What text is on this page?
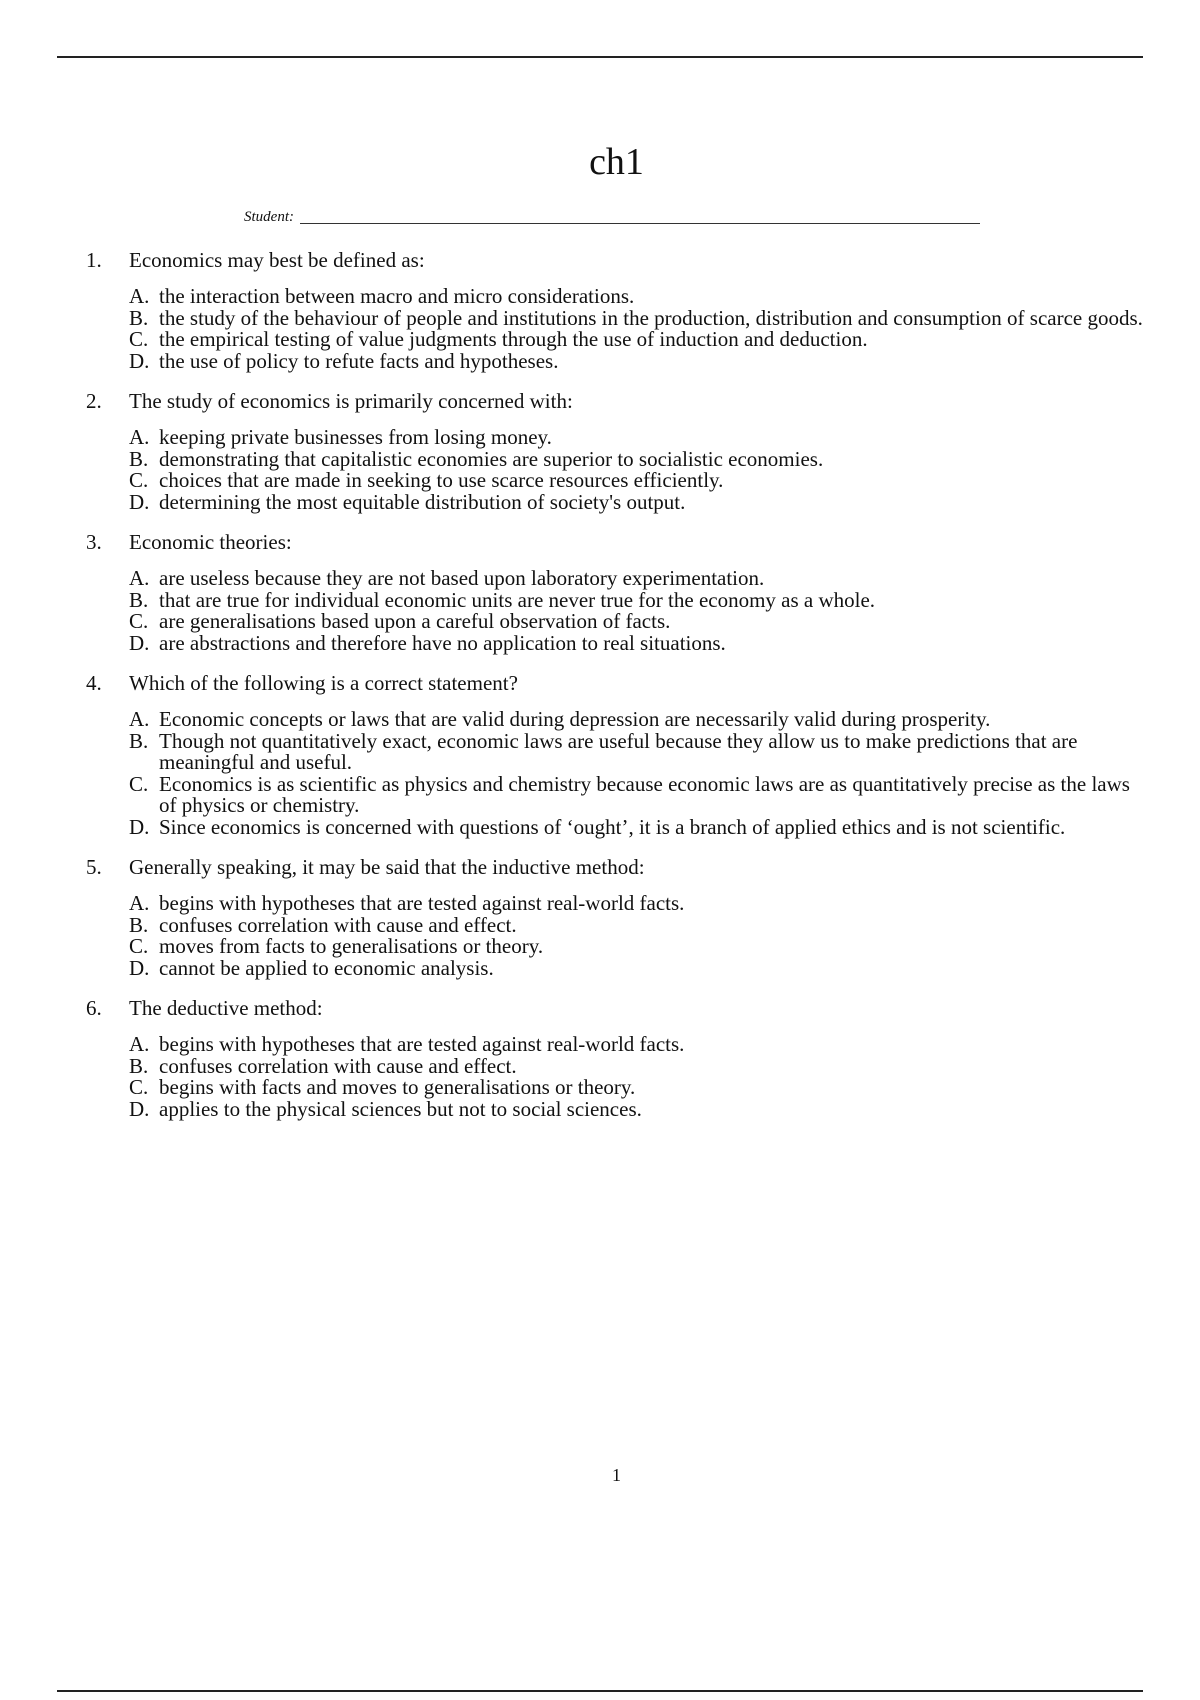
ch1
Student:
1.	Economics may best be defined as:
A. the interaction between macro and micro considerations.
B. the study of the behaviour of people and institutions in the production, distribution and consumption of scarce goods.
C. the empirical testing of value judgments through the use of induction and deduction.
D. the use of policy to refute facts and hypotheses.
2.	The study of economics is primarily concerned with:
A. keeping private businesses from losing money.
B. demonstrating that capitalistic economies are superior to socialistic economies.
C. choices that are made in seeking to use scarce resources efficiently.
D. determining the most equitable distribution of society's output.
3.	Economic theories:
A. are useless because they are not based upon laboratory experimentation.
B. that are true for individual economic units are never true for the economy as a whole.
C. are generalisations based upon a careful observation of facts.
D. are abstractions and therefore have no application to real situations.
4.	Which of the following is a correct statement?
A. Economic concepts or laws that are valid during depression are necessarily valid during prosperity.
B. Though not quantitatively exact, economic laws are useful because they allow us to make predictions that are meaningful and useful.
C. Economics is as scientific as physics and chemistry because economic laws are as quantitatively precise as the laws of physics or chemistry.
D. Since economics is concerned with questions of ‘ought’, it is a branch of applied ethics and is not scientific.
5.	Generally speaking, it may be said that the inductive method:
A. begins with hypotheses that are tested against real-world facts.
B. confuses correlation with cause and effect.
C. moves from facts to generalisations or theory.
D. cannot be applied to economic analysis.
6.	The deductive method:
A. begins with hypotheses that are tested against real-world facts.
B. confuses correlation with cause and effect.
C. begins with facts and moves to generalisations or theory.
D. applies to the physical sciences but not to social sciences.
1
